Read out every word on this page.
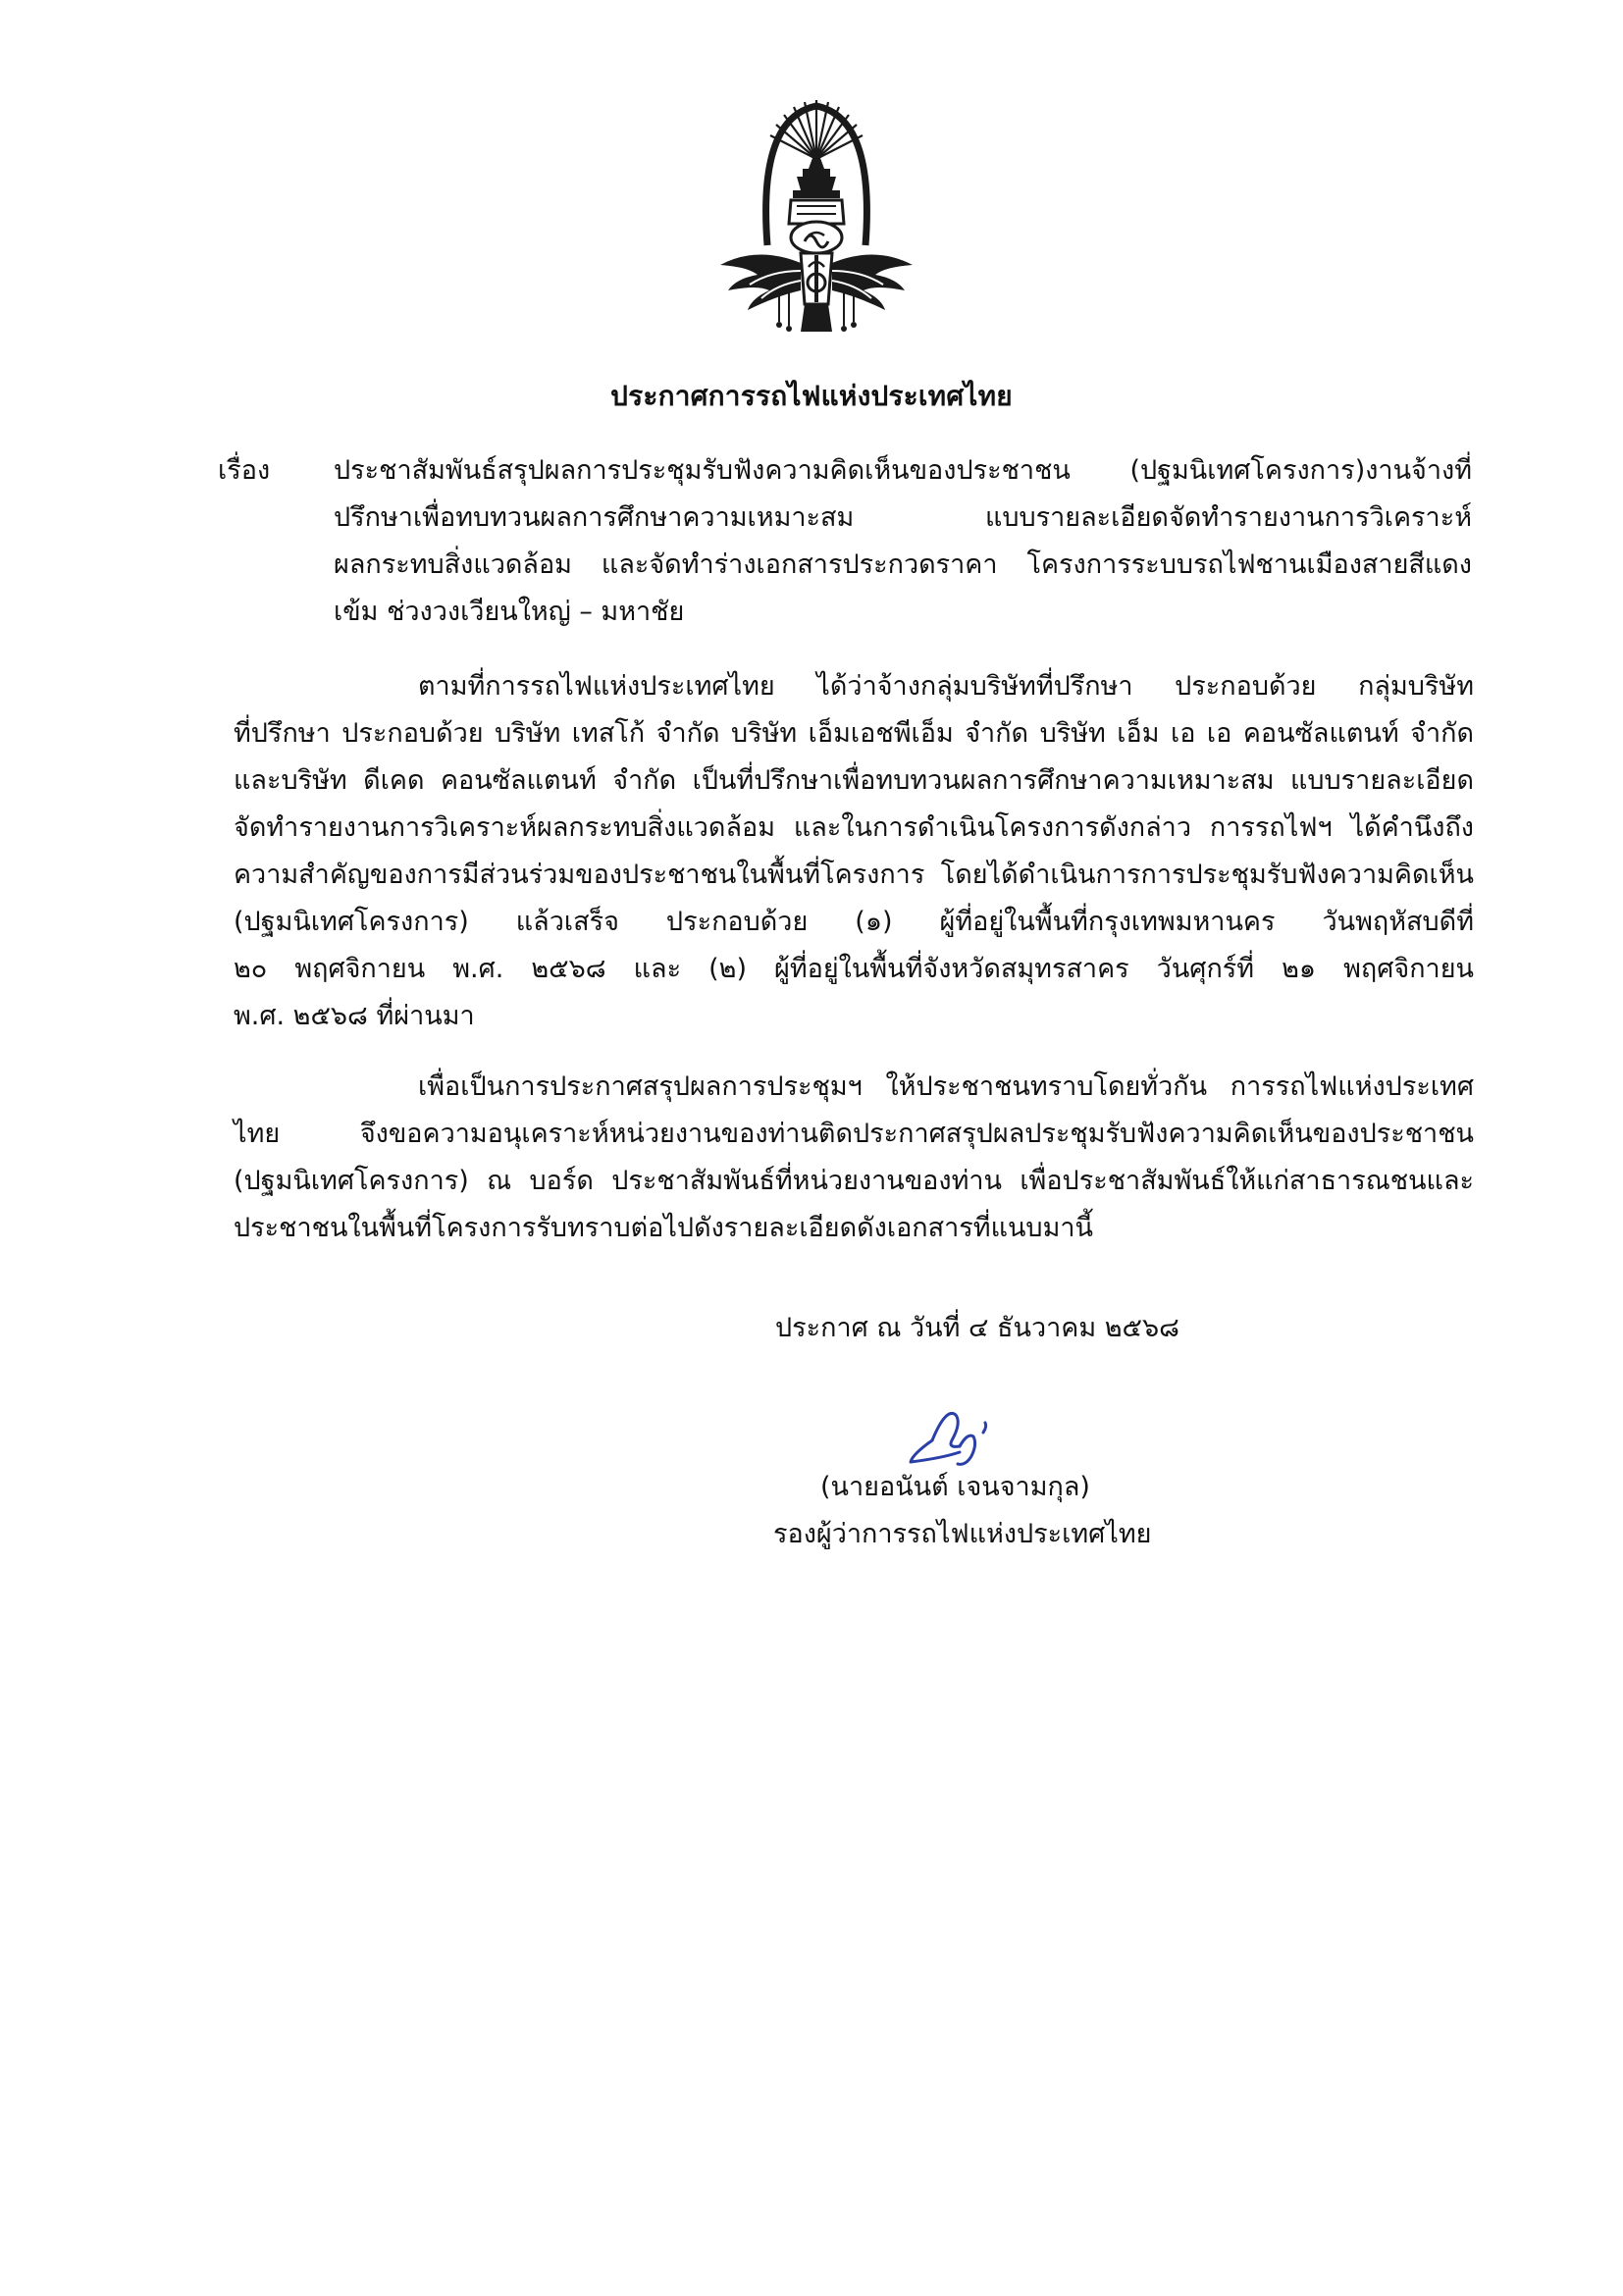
ประกาศการรถไฟแห่งประเทศไทย
เรื่อง	ประชาสัมพันธ์สรุปผลการประชุมรับฟังความคิดเห็นของประชาชน (ปฐมนิเทศโครงการ)งานจ้างที่
ปรึกษาเพื่อทบทวนผลการศึกษาความเหมาะสม แบบรายละเอียดจัดทำรายงานการวิเคราะห์
ผลกระทบสิ่งแวดล้อม และจัดทำร่างเอกสารประกวดราคา โครงการระบบรถไฟชานเมืองสายสีแดง
เข้ม ช่วงวงเวียนใหญ่ – มหาชัย
ตามที่การรถไฟแห่งประเทศไทย ได้ว่าจ้างกลุ่มบริษัทที่ปรึกษา ประกอบด้วย กลุ่มบริษัท
ที่ปรึกษา ประกอบด้วย บริษัท เทสโก้ จำกัด บริษัท เอ็มเอชพีเอ็ม จำกัด บริษัท เอ็ม เอ เอ คอนซัลแตนท์ จำกัด
และบริษัท ดีเคด คอนซัลแตนท์ จำกัด เป็นที่ปรึกษาเพื่อทบทวนผลการศึกษาความเหมาะสม แบบรายละเอียด
จัดทำรายงานการวิเคราะห์ผลกระทบสิ่งแวดล้อม และในการดำเนินโครงการดังกล่าว การรถไฟฯ ได้คำนึงถึง
ความสำคัญของการมีส่วนร่วมของประชาชนในพื้นที่โครงการ โดยได้ดำเนินการการประชุมรับฟังความคิดเห็น
(ปฐมนิเทศโครงการ) แล้วเสร็จ ประกอบด้วย (๑) ผู้ที่อยู่ในพื้นที่กรุงเทพมหานคร วันพฤหัสบดีที่
๒๐ พฤศจิกายน พ.ศ. ๒๕๖๘ และ (๒) ผู้ที่อยู่ในพื้นที่จังหวัดสมุทรสาคร วันศุกร์ที่ ๒๑ พฤศจิกายน
พ.ศ. ๒๕๖๘ ที่ผ่านมา
เพื่อเป็นการประกาศสรุปผลการประชุมฯ ให้ประชาชนทราบโดยทั่วกัน การรถไฟแห่งประเทศ
ไทย จึงขอความอนุเคราะห์หน่วยงานของท่านติดประกาศสรุปผลประชุมรับฟังความคิดเห็นของประชาชน
(ปฐมนิเทศโครงการ) ณ บอร์ด ประชาสัมพันธ์ที่หน่วยงานของท่าน เพื่อประชาสัมพันธ์ให้แก่สาธารณชนและ
ประชาชนในพื้นที่โครงการรับทราบต่อไปดังรายละเอียดดังเอกสารที่แนบมานี้
ประกาศ ณ วันที่ ๔ ธันวาคม ๒๕๖๘
(นายอนันต์ เจนจามกุล)
รองผู้ว่าการรถไฟแห่งประเทศไทย
